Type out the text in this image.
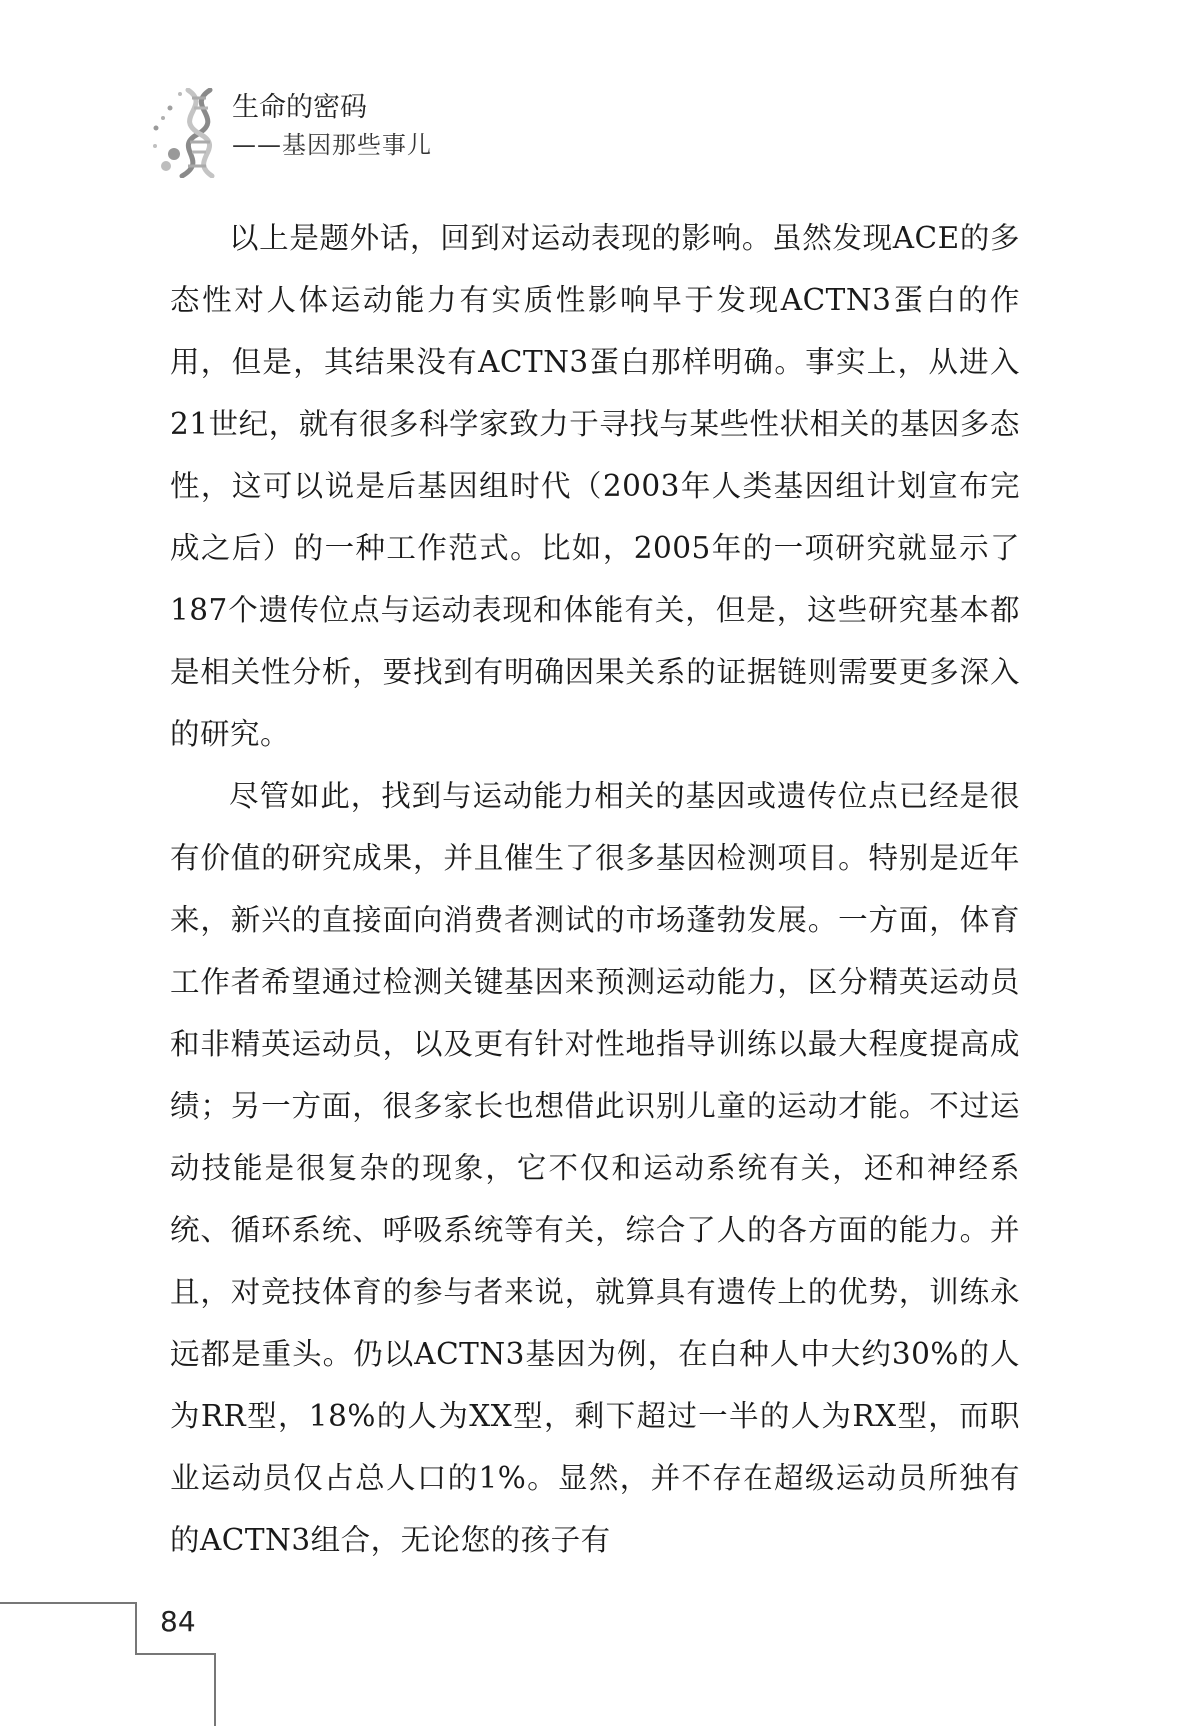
生命的密码
——基因那些事儿

以上是题外话，回到对运动表现的影响。虽然发现ACE的多态性对人体运动能力有实质性影响早于发现ACTN3蛋白的作用，但是，其结果没有ACTN3蛋白那样明确。事实上，从进入21世纪，就有很多科学家致力于寻找与某些性状相关的基因多态性，这可以说是后基因组时代（2003年人类基因组计划宣布完成之后）的一种工作范式。比如，2005年的一项研究就显示了187个遗传位点与运动表现和体能有关，但是，这些研究基本都是相关性分析，要找到有明确因果关系的证据链则需要更多深入的研究。

尽管如此，找到与运动能力相关的基因或遗传位点已经是很有价值的研究成果，并且催生了很多基因检测项目。特别是近年来，新兴的直接面向消费者测试的市场蓬勃发展。一方面，体育工作者希望通过检测关键基因来预测运动能力，区分精英运动员和非精英运动员，以及更有针对性地指导训练以最大程度提高成绩；另一方面，很多家长也想借此识别儿童的运动才能。不过运动技能是很复杂的现象，它不仅和运动系统有关，还和神经系统、循环系统、呼吸系统等有关，综合了人的各方面的能力。并且，对竞技体育的参与者来说，就算具有遗传上的优势，训练永远都是重头。仍以ACTN3基因为例，在白种人中大约30%的人为RR型，18%的人为XX型，剩下超过一半的人为RX型，而职业运动员仅占总人口的1%。显然，并不存在超级运动员所独有的ACTN3组合，无论您的孩子有

84
